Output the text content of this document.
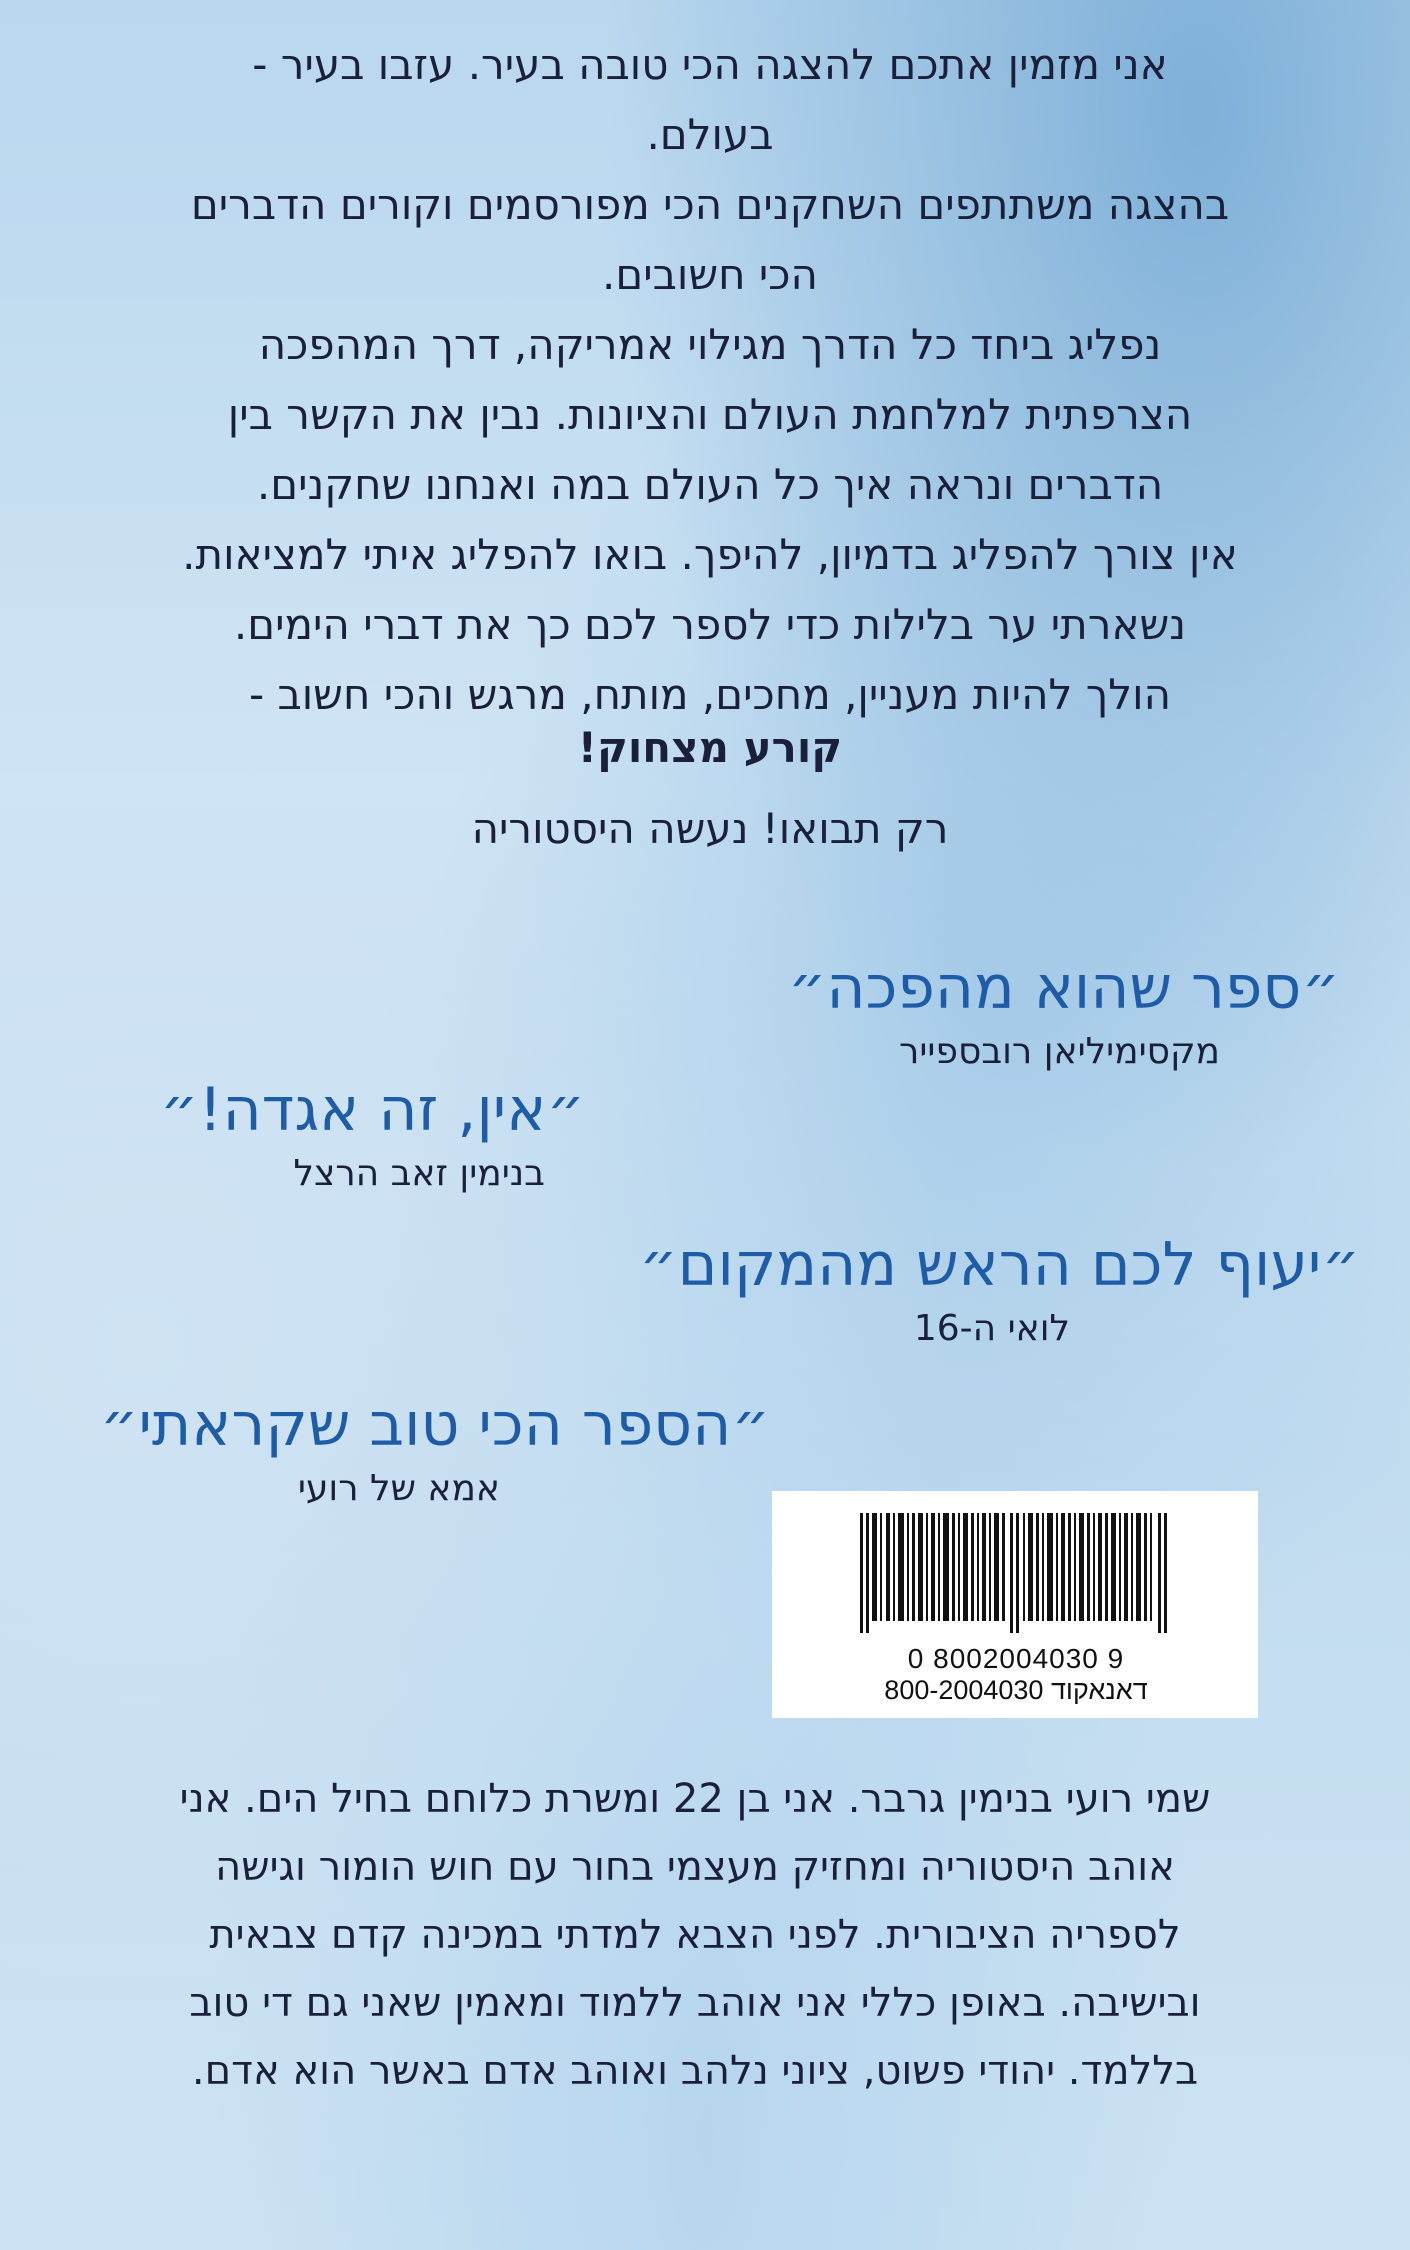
אני מזמין אתכם להצגה הכי טובה בעיר. עזבו בעיר -

בעולם.

בהצגה משתתפים השחקנים הכי מפורסמים וקורים הדברים

הכי חשובים.

נפליג ביחד כל הדרך מגילוי אמריקה, דרך המהפכה

הצרפתית למלחמת העולם והציונות. נבין את הקשר בין

הדברים ונראה איך כל העולם במה ואנחנו שחקנים.

אין צורך להפליג בדמיון, להיפך. בואו להפליג איתי למציאות.

נשארתי ער בלילות כדי לספר לכם כך את דברי הימים.

הולך להיות מעניין, מחכים, מותח, מרגש והכי חשוב -

קורע מצחוק!

רק תבואו! נעשה היסטוריה

״ספר שהוא מהפכה״
מקסימיליאן רובספייר
״אין, זה אגדה!״
בנימין זאב הרצל
״יעוף לכם הראש מהמקום״
לואי ה-16
״הספר הכי טוב שקראתי״
אמא של רועי
0 8002004030 9
800-2004030 דאנאקוד

שמי רועי בנימין גרבר. אני בן 22 ומשרת כלוחם בחיל הים. אני

אוהב היסטוריה ומחזיק מעצמי בחור עם חוש הומור וגישה

לספריה הציבורית. לפני הצבא למדתי במכינה קדם צבאית

ובישיבה. באופן כללי אני אוהב ללמוד ומאמין שאני גם די טוב

בללמד. יהודי פשוט, ציוני נלהב ואוהב אדם באשר הוא אדם.
